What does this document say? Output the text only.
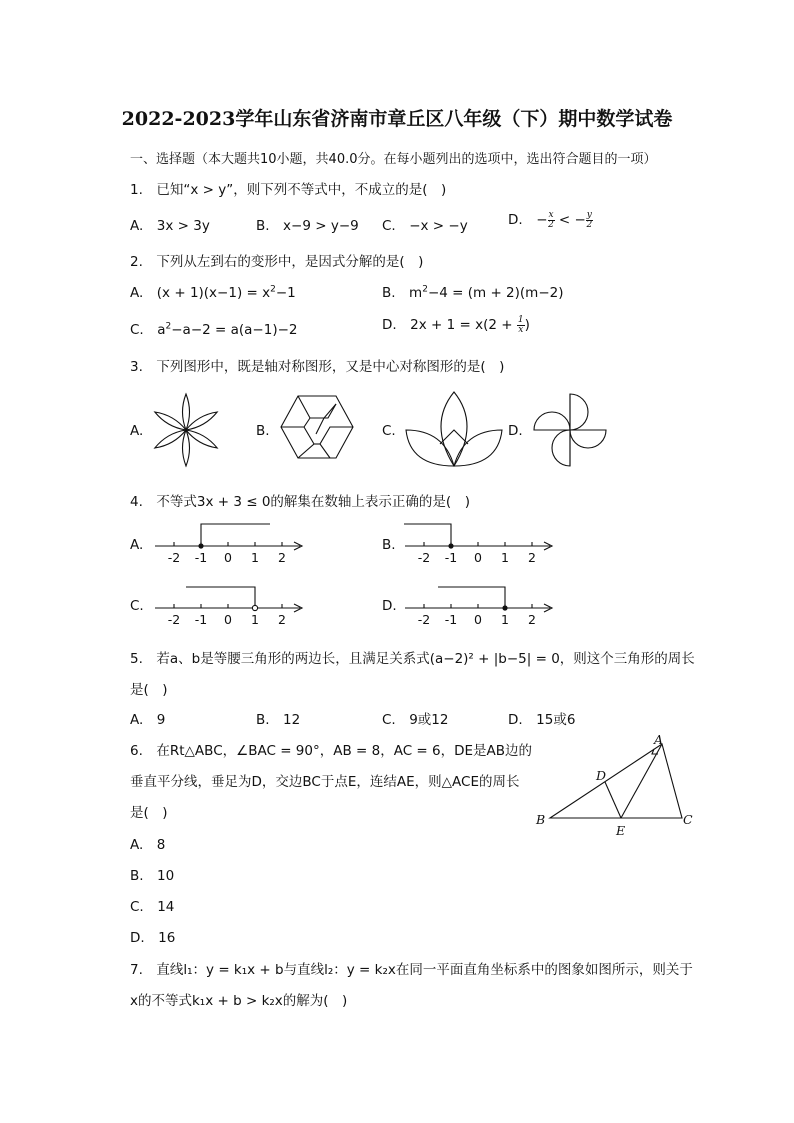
2022-2023学年山东省济南市章丘区八年级（下）期中数学试卷
一、选择题（本大题共10小题，共40.0分。在每小题列出的选项中，选出符合题目的一项）
1.　已知“x > y”，则下列不等式中，不成立的是(　)
A.　3x > 3y	B.　x−9 > y−9 C.　−x > −y	D.　− $\frac{x}{2}$ < − $\frac{y}{2}$
2.　下列从左到右的变形中，是因式分解的是(　)
A.　$(x + 1)(x-1) = x^2-1$	B.　$m^2-4 = (m + 2)(m-2)$
C.　$a^2-a-2 = a(a-1)-2$	D.　$2x + 1 = x(2 + \frac{1}{x}$ )
3.　下列图形中，既是轴对称图形，又是中心对称图形的是(　)
A.	B.	C.	D.
4.　不等式3x + 3 ≤ 0的解集在数轴上表示正确的是(　)
A.	B.
C.	D.
-2 -1 0 1 2	-2 -1 0 1 2
-2 -1 0 1 2	-2 -1 0 1 2
5.　若a、b是等腰三角形的两边长，且满足关系式(a−2)² + |b−5| = 0，则这个三角形的周长
是(　)
A.　9	B.　12	C.　9或12	D.　15或6
6.　在Rt△ABC，∠BAC = 90°，AB = 8，AC = 6，DE是AB边的
垂直平分线，垂足为D，交边BC于点E，连结AE，则△ACE的周长
是(　)
A.　8
B.　10
C.　14
D.　16
A
B	C
D
E
7.　直线l₁：y = k₁x + b与直线l₂：y = k₂x在同一平面直角坐标系中的图象如图所示，则关于
x的不等式k₁x + b > k₂x的解为(　)
